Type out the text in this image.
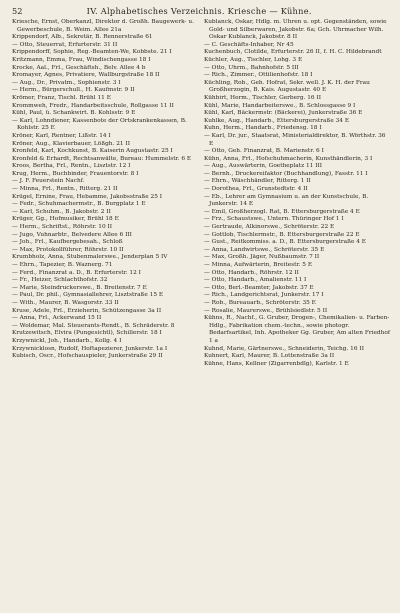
52	IV. Alphabetisches Verzeichnis. Kriesche — Kühne.
Kriesche, Ernst, Oberkanzl, Direktor d. Großh. Baugewerk- u. Gewerbeschule, B. Weim. Allee 21a
Krippendorf, Alb., Sekretär, B. Rennerstraße 61
— Otto, Steuerrat, Erfurterstr. 31 II
Krippendorff, Sophie, Reg.-Beamten-We, Kobbste. 21 I
Kritzmann, Emma, Frau, Windischengasse 18 I
Krocke, Aal., Frl., Geschäftsh., Belv. Allee 4 b
Kromayer, Agnes, Privatiere, Wallburgstraße 18 II
— Aug., Dr., Privatm., Sophienstr. 3 I
— Herm., Bürgerschull., H. Kaufmstr. 9 II
Krömer, Franz, Tischl. Brühl 11 E
Krommweh, Fredr., Handarbeitsschule, Rollgasse 11 II
Kühl, Paul, ü. Schankwirt. B. Kohlsstr. 9 E
— Karl, Lohndiener, Kassenbote der Ortskrankenkassen, B. Kohlstr. 25 E
Kröner, Karl, Rentner, Lißstr. 14 I
Kröner, Aug., Klavierbauer, Lößgh. 21 II
Kronfeld, Karl, Kochkunst, B. Kaiserin Augustastr. 25 I
Kronfeld & Erhardt, Rechtsanwälte, Bureau: Hummelstr. 6 E
Kroos, Bertha, Frl., Rentn., Lisztstr. 12 I
Krug, Herm., Buchbinder, Frauentorstr. 8 I
— J. F. Feuerstein Nachf.
— Minna, Frl., Rentn., Ritterg. 21 II
Krügel, Ernine, Frau, Hebamme, Jakobsstraße 25 I
— Fedr., Schuhmachermstr., B. Burgplatz 1 E
— Karl, Schuhm., B. Jakobstr. 2 II
Krüger, Gg., Hofmusiker, Brühl 18 E
— Herm., Schriftst., Röhrstr. 10 II
— Jugo, Vuhnarbtr., Belvedere Allee 6 III
— Joh., Frl., Kaufbergebesah., Schloß
— Max, Protokollführer, Röhrstr. 10 II
Krumbholz, Anna, Stubenmalerswe., Jenderplan 5 IV
— Ehrn., Tapezier, B. Waznerg. 71
— Ferd., Finanzrat a. D., B. Erfurterstr. 12 I
— Fr., Heizer, Schlachthofstr. 32
— Marie, Steindruckerswe., B. Breitenstr. 7 E
— Paul, Dr. phil., Gymnasiallehrer, Lisztstraße 15 E
— With., Maurer, B. Wasgorstr. 33 II
Kruse, Adele, Frl., Erzieherin, Schützengasse 3a II
— Anna, Frl., Ackerwand 15 II
— Woldemar, Mal. Steuerants-Rendt., B. Schräderstr. 8
Krutzewitsch, Elvira (Pungesichtl), Schillerstr. 18 I
Krzywnickl, Joh., Handarb., Kollg. 4 I
Krzywnicklosn, Rudolf, Hoftapezierer, Junkerstr. 1a I
Kubisch, Oscr., Hofschauspieler, Junkerstraße 29 II
Kublanck, Oskar, Hdlg. m. Uhren u. opt. Gegenständen, sowie Gold- und Silberwaren, Jakobstr. 6a; Gch. Uhrmacher Wilh. Oskar Kublanck, Jakobstr. 8 II
— C. Geschäfts-Inhaber, Nr 45
Kuchenbuch, Clotilde, Erfurterstr. 26 II, f. H. C. Hildebrandt
Küchler, Aug., Tischler, Lohg. 3 E
— Otto, Uhrm., Bahnhofstr. 5 III
— Rich., Zimmer., Ottilienhofstr. 18 I
Küchling, Rob., Geh. Hofrat, Sekr. well. J. K. H. der Frau Großherzogin, B. Kais. Augustastr. 40 E
Kühbirt, Herm., Tischler, Gerberg. 16 II
Kühl, Marie, Handarbeiterswe., B. Schlossgasse 9 I
Kühl, Karl, Bäckermstr. (Bäckerei), Junkerstraße 36 E
Kuhlke, Aug., Handarb., Ettersburgerstraße 34 E
Kuhn, Herm., Handarb., Friedensg. 18 I
— Karl, Dr. jur., Staatsrat, Ministerialdirektor, B. Wörthstr. 36 E
— Otto, Geh. Finanzrat, B. Marienstr. 6 I
Kühn, Anna, Frl., Hofschuhmacherin, Kunsthändlerin, 3 I
— Aug., Auswärterin, Goetheplatz 11 III
— Bernh., Druckereifaktor (Buchhandlung), Fasstr. 11 I
— Ehrn., Wäschhändler, Ritterg. 1 II
— Dorothea, Frl., Grunstedtstr. 4 II
— Eb., Lehrer am Gymnasium u. an der Kunstschule, B. Junkerstr. 14 E
— Emil, Großherzogl. Rat, B. Ettersburgerstraße 4 E
— Frz., Schaustswe., Untern. Thüringer Hof 1 I
— Gertraude, Alkinorswe., Schröterstr. 22 E
— Gottlob, Tischlermstr., B. Ettersburgerstraße 22 E
— Gust., Reitkommiss. a. D., B. Ettersburgerstraße 4 E
— Anna, Landwirtswe., Schröterstr. 35 E
— Max, Großh. Jäger, Nußbaumstr. 7 II
— Minna, Aufwärterin, Breitestr. 5 E
— Otto, Handarb., Röhrstr. 12 II
— Otto, Handarb., Amalienstr. 11 I
— Otto, Berl.-Beamter, Jakobstr. 37 E
— Rich., Landgerichtsrat, Junkerstr. 17 I
— Rob., Bureauarb., Schröterstr. 35 E
— Rosalie, Maurerswe., Brühlsiedlstr. 5 II
Kühns, R., Nachf., G. Gruber, Drogen-, Chemikalien- u. Farben-Hdlg., Fabrikation chem.-techn., sowie photogr. Bedarfsartikel, Inh. Apotheker Gg. Gruber, Am alten Friedhof 1 a
Kuhnd, Marie, Gärtnerswe., Schneiderin, Teichg. 16 II
Kuhnert, Karl, Maurer, B. Lottenstraße 3a II
Kühne, Hans, Kellner (Zigarrenbdlg), Karlstr. 1 E
